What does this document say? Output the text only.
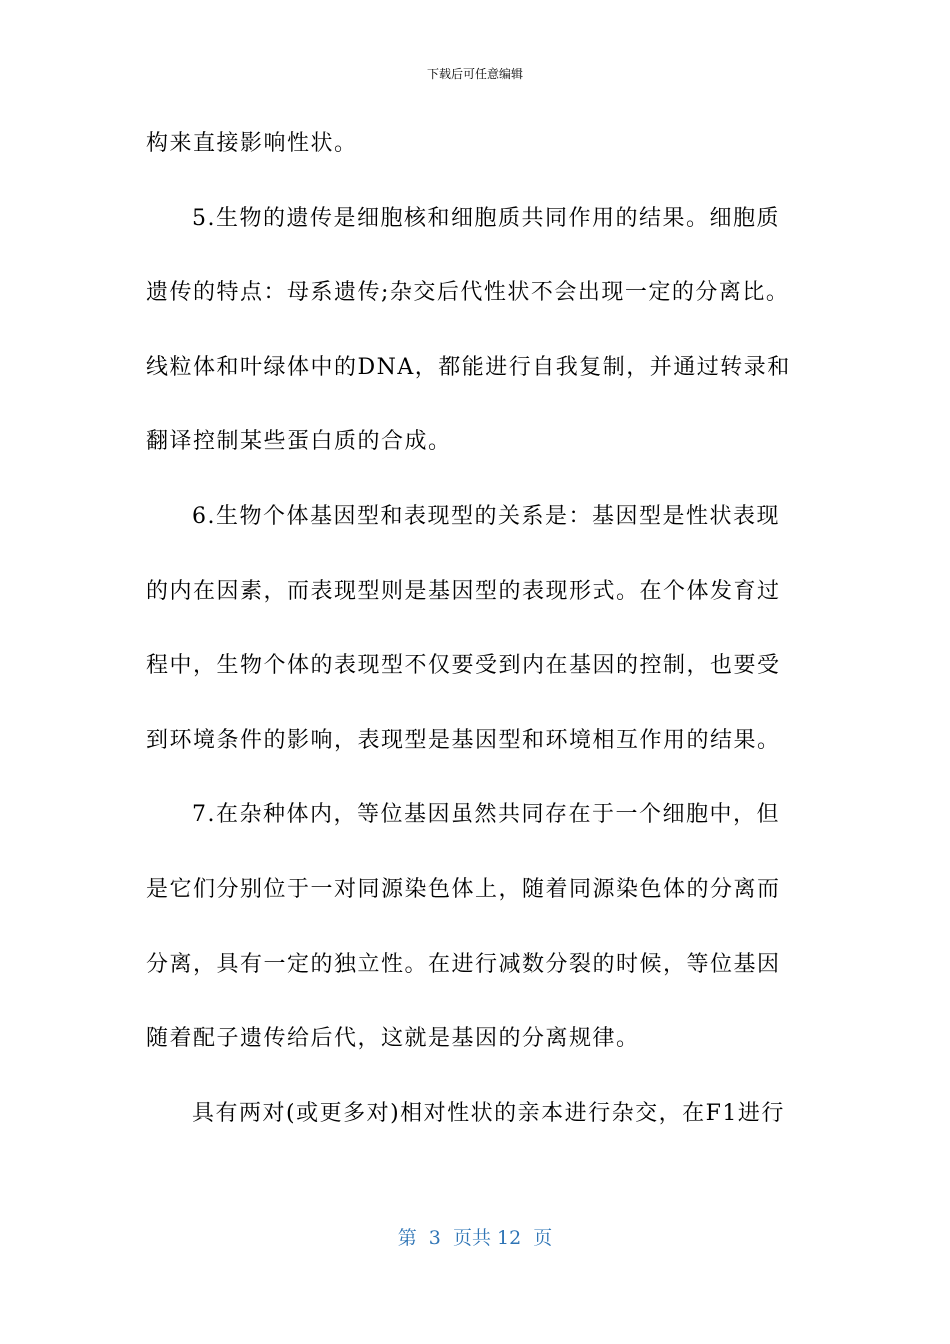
下载后可任意编辑
构来直接影响性状。
5.生物的遗传是细胞核和细胞质共同作用的结果。细胞质
遗传的特点：母系遗传;杂交后代性状不会出现一定的分离比。
线粒体和叶绿体中的DNA，都能进行自我复制，并通过转录和
翻译控制某些蛋白质的合成。
6.生物个体基因型和表现型的关系是：基因型是性状表现
的内在因素，而表现型则是基因型的表现形式。在个体发育过
程中，生物个体的表现型不仅要受到内在基因的控制，也要受
到环境条件的影响，表现型是基因型和环境相互作用的结果。
7.在杂种体内，等位基因虽然共同存在于一个细胞中，但
是它们分别位于一对同源染色体上，随着同源染色体的分离而
分离，具有一定的独立性。在进行减数分裂的时候，等位基因
随着配子遗传给后代，这就是基因的分离规律。
具有两对(或更多对)相对性状的亲本进行杂交，在F1进行
第  3  页共 12  页
